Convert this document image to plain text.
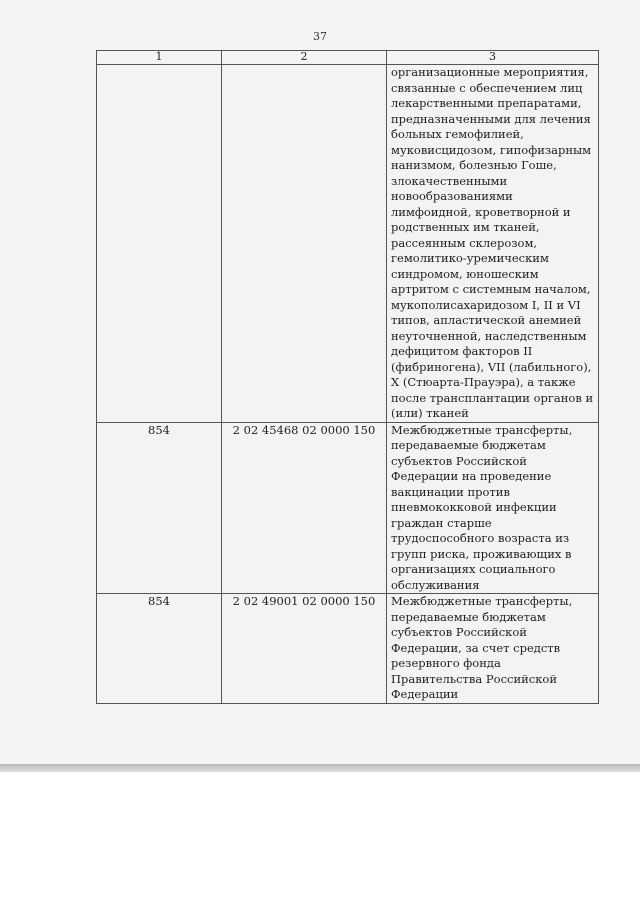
37
1	2	3
		организационные мероприятия, связанные с обеспечением лиц лекарственными препаратами, предназначенными для лечения больных гемофилией, муковисцидозом, гипофизарным нанизмом, болезнью Гоше, злокачественными новообразованиями лимфоидной, кроветворной и родственных им тканей, рассеянным склерозом, гемолитико-уремическим синдромом, юношеским артритом с системным началом, мукополисахаридозом I, II и VI типов, апластической анемией неуточненной, наследственным дефицитом факторов II (фибриногена), VII (лабильного), X (Стюарта-Прауэра), а также после трансплантации органов и (или) тканей
854	2 02 45468 02 0000 150	Межбюджетные трансферты, передаваемые бюджетам субъектов Российской Федерации на проведение вакцинации против пневмококковой инфекции граждан старше трудоспособного возраста из групп риска, проживающих в организациях социального обслуживания
854	2 02 49001 02 0000 150	Межбюджетные трансферты, передаваемые бюджетам субъектов Российской Федерации, за счет средств резервного фонда Правительства Российской Федерации
